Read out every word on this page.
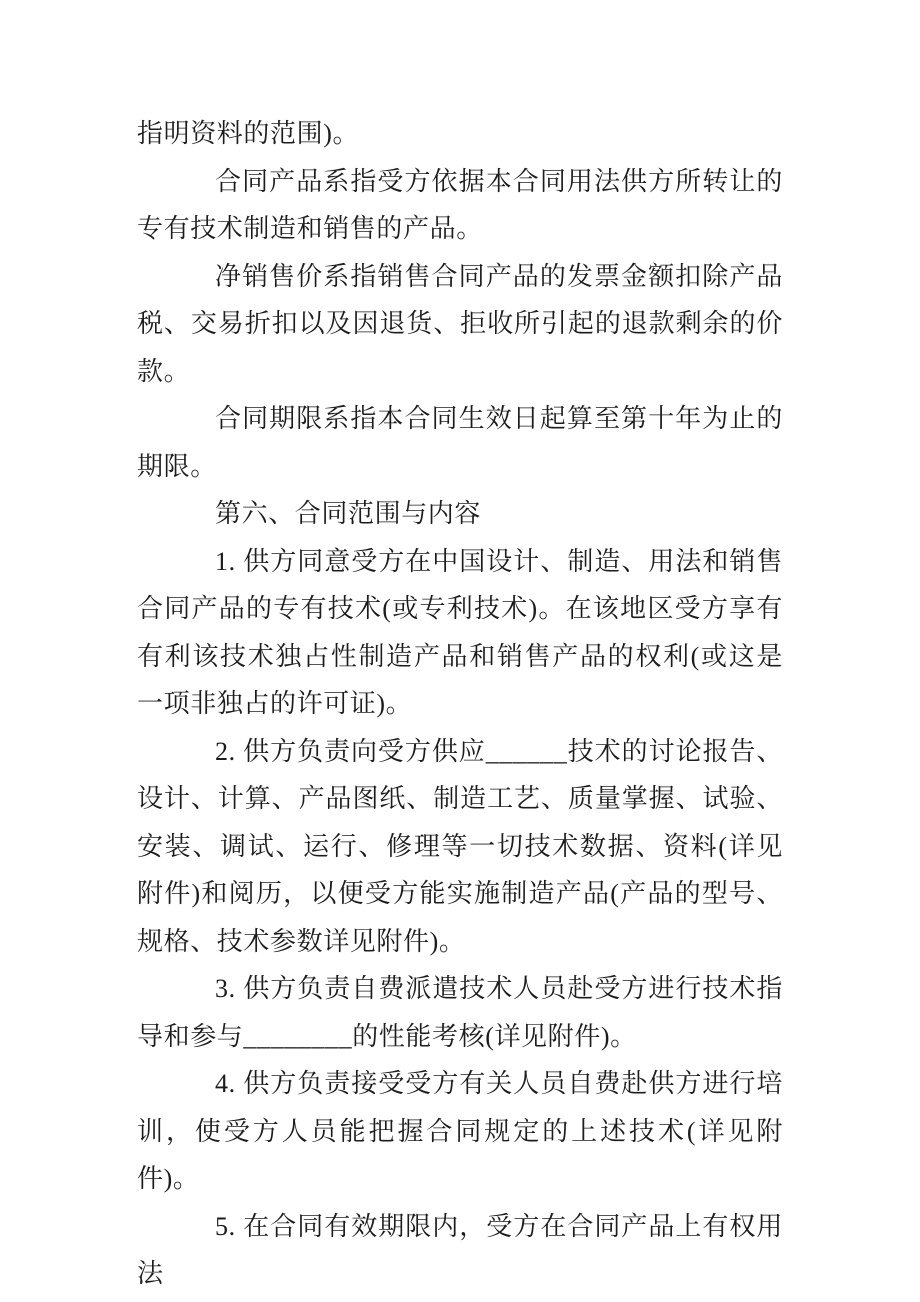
指明资料的范围)。

合同产品系指受方依据本合同用法供方所转让的专有技术制造和销售的产品。

净销售价系指销售合同产品的发票金额扣除产品税、交易折扣以及因退货、拒收所引起的退款剩余的价款。

合同期限系指本合同生效日起算至第十年为止的期限。

第六、合同范围与内容

1. 供方同意受方在中国设计、制造、用法和销售合同产品的专有技术(或专利技术)。在该地区受方享有有利该技术独占性制造产品和销售产品的权利(或这是一项非独占的许可证)。

2. 供方负责向受方供应______技术的讨论报告、设计、计算、产品图纸、制造工艺、质量掌握、试验、安装、调试、运行、修理等一切技术数据、资料(详见附件)和阅历，以便受方能实施制造产品(产品的型号、规格、技术参数详见附件)。

3. 供方负责自费派遣技术人员赴受方进行技术指导和参与________的性能考核(详见附件)。

4. 供方负责接受受方有关人员自费赴供方进行培训，使受方人员能把握合同规定的上述技术(详见附件)。

5. 在合同有效期限内，受方在合同产品上有权用法
